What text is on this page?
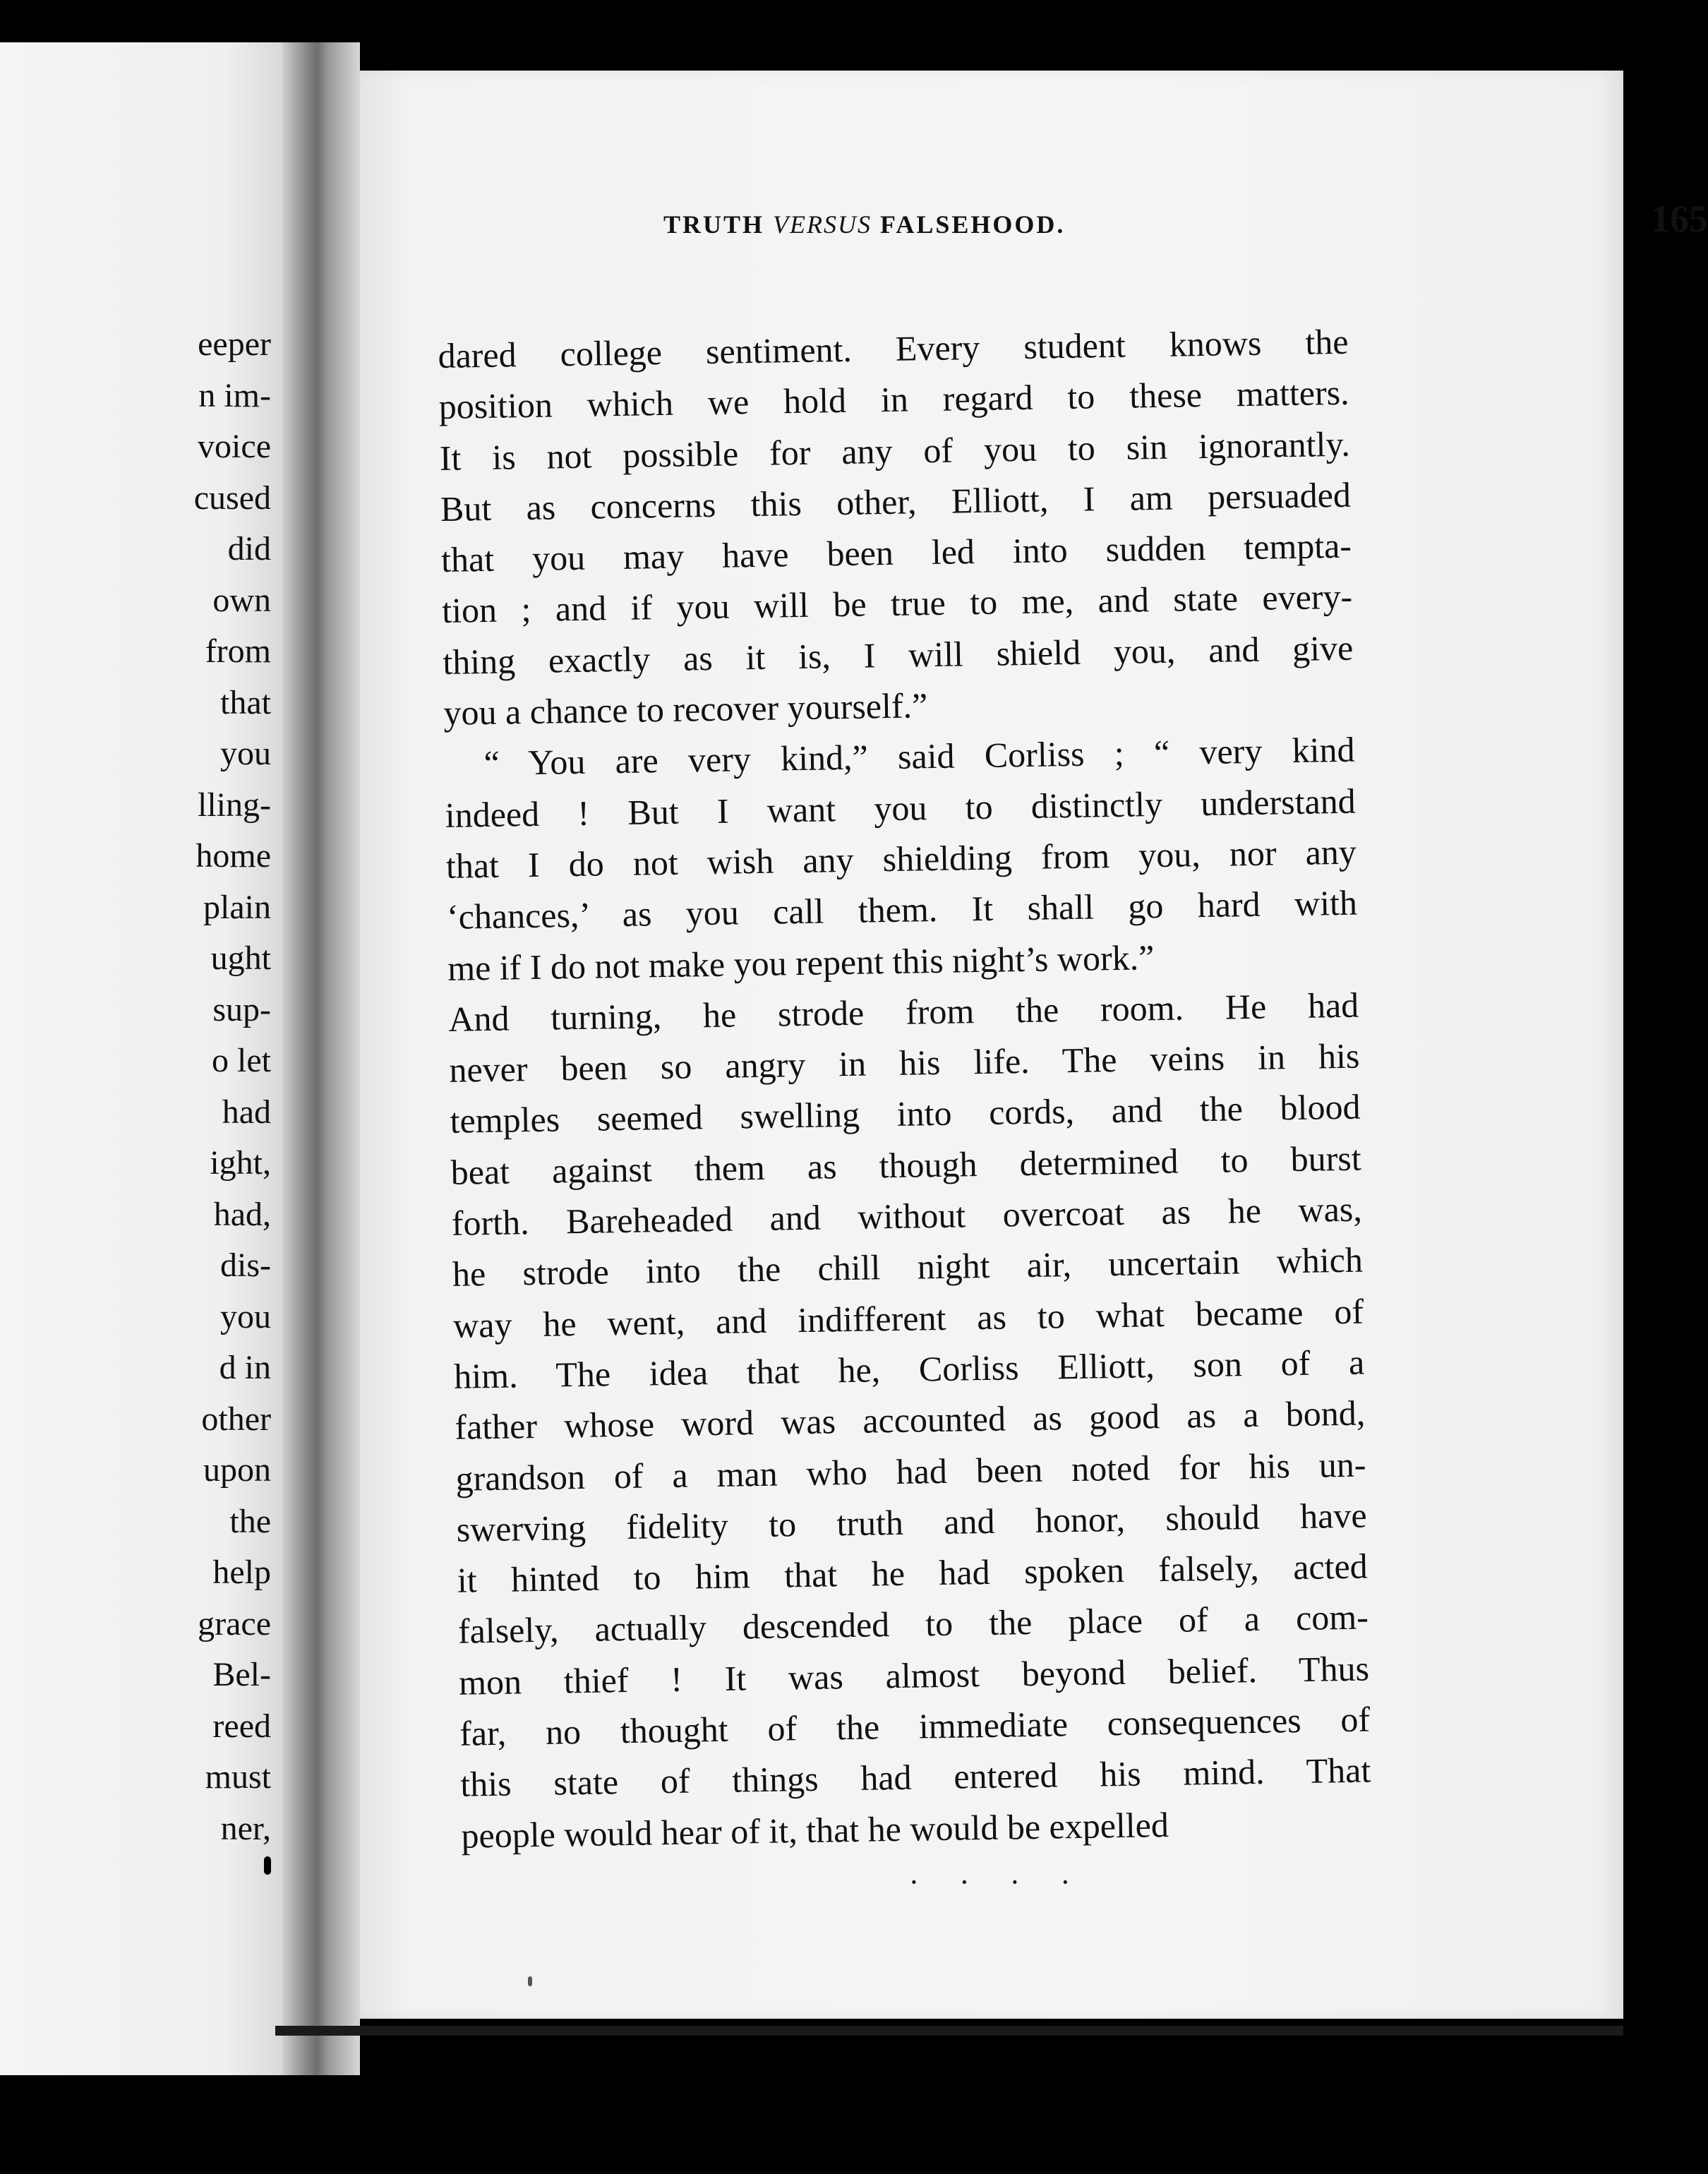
eeper
n im-
voice
cused
did
own
from
that
you
lling-
home
plain
ught
sup-
o let
had
ight,
had,
dis-
you
d in
other
upon
the
help
grace
Bel-
reed
must
ner,
TRUTH VERSUS FALSEHOOD.	165
dared college sentiment. Every student knows the
position which we hold in regard to these matters.
It is not possible for any of you to sin ignorantly.
But as concerns this other, Elliott, I am persuaded
that you may have been led into sudden tempta-
tion ; and if you will be true to me, and state every-
thing exactly as it is, I will shield you, and give
you a chance to recover yourself.”
“ You are very kind,” said Corliss ; “ very kind
indeed ! But I want you to distinctly understand
that I do not wish any shielding from you, nor any
‘chances,’ as you call them. It shall go hard with
me if I do not make you repent this night’s work.”
And turning, he strode from the room. He had
never been so angry in his life. The veins in his
temples seemed swelling into cords, and the blood
beat against them as though determined to burst
forth. Bareheaded and without overcoat as he was,
he strode into the chill night air, uncertain which
way he went, and indifferent as to what became of
him. The idea that he, Corliss Elliott, son of a
father whose word was accounted as good as a bond,
grandson of a man who had been noted for his un-
swerving fidelity to truth and honor, should have
it hinted to him that he had spoken falsely, acted
falsely, actually descended to the place of a com-
mon thief ! It was almost beyond belief. Thus
far, no thought of the immediate consequences of
this state of things had entered his mind. That
people would hear of it, that he would be expelled
· · · ·
